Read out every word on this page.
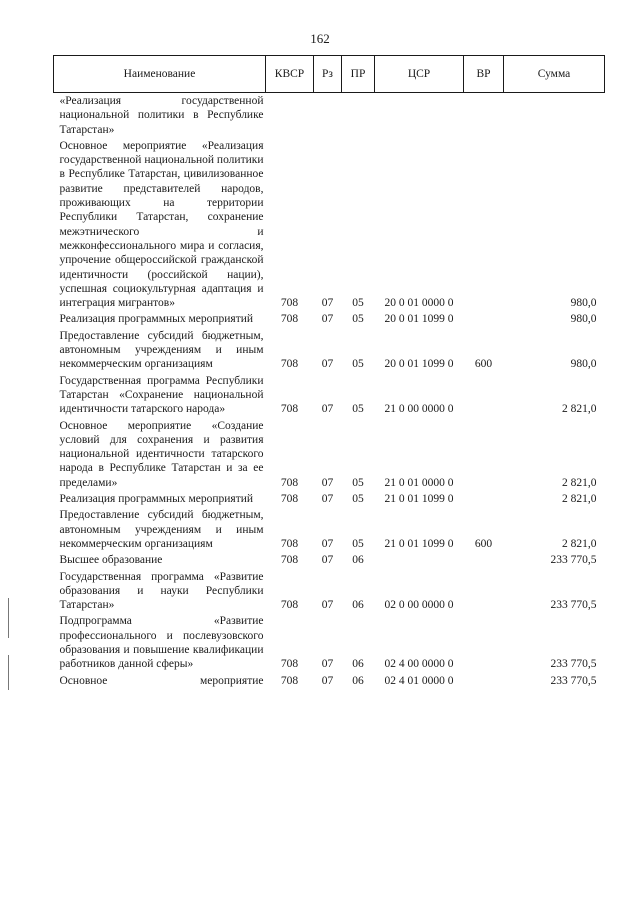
162
Наименование	КВСР	Рз	ПР	ЦСР	ВР	Сумма
«Реализация государственной национальной политики в Республике Татарстан»						
Основное мероприятие «Реализация государственной национальной политики в Республике Татарстан, цивилизованное развитие представителей народов, проживающих на территории Республики Татарстан, сохранение межэтнического и межконфессионального мира и согласия, упрочение общероссийской гражданской идентичности (российской нации), успешная социокультурная адаптация и интеграция мигрантов»	708	07	05	20 0 01 0000 0		980,0
Реализация программных мероприятий	708	07	05	20 0 01 1099 0		980,0
Предоставление субсидий бюджетным, автономным учреждениям и иным некоммерческим организациям	708	07	05	20 0 01 1099 0	600	980,0
Государственная программа Республики Татарстан «Сохранение национальной идентичности татарского народа»	708	07	05	21 0 00 0000 0		2 821,0
Основное мероприятие «Создание условий для сохранения и развития национальной идентичности татарского народа в Республике Татарстан и за ее пределами»	708	07	05	21 0 01 0000 0		2 821,0
Реализация программных мероприятий	708	07	05	21 0 01 1099 0		2 821,0
Предоставление субсидий бюджетным, автономным учреждениям и иным некоммерческим организациям	708	07	05	21 0 01 1099 0	600	2 821,0
Высшее образование	708	07	06			233 770,5
Государственная программа «Развитие образования и науки Республики Татарстан»	708	07	06	02 0 00 0000 0		233 770,5
Подпрограмма «Развитие профессионального и послевузовского образования и повышение квалификации работников данной сферы»	708	07	06	02 4 00 0000 0		233 770,5
Основное мероприятие	708	07	06	02 4 01 0000 0		233 770,5
